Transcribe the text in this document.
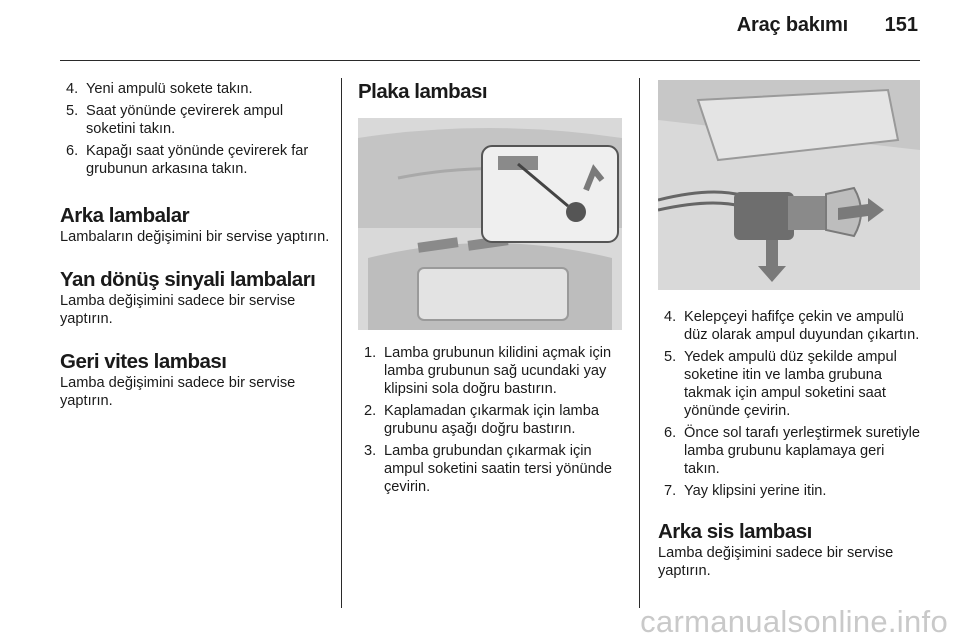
Araç bakımı 151
4. Yeni ampulü sokete takın.
5. Saat yönünde çevirerek ampul soketini takın.
6. Kapağı saat yönünde çevirerek far grubunun arkasına takın.
Arka lambalar

Lambaların değişimini bir servise yaptırın.

Yan dönüş sinyali lambaları

Lamba değişimini sadece bir servise yaptırın.

Geri vites lambası

Lamba değişimini sadece bir servise yaptırın.

Plaka lambası
1. Lamba grubunun kilidini açmak için lamba grubunun sağ ucundaki yay klipsini sola doğru bastırın.
2. Kaplamadan çıkarmak için lamba grubunu aşağı doğru bastırın.
3. Lamba grubundan çıkarmak için ampul soketini saatin tersi yönünde çevirin.
4. Kelepçeyi hafifçe çekin ve ampulü düz olarak ampul duyundan çıkartın.
5. Yedek ampulü düz şekilde ampul soketine itin ve lamba grubuna takmak için ampul soketini saat yönünde çevirin.
6. Önce sol tarafı yerleştirmek suretiyle lamba grubunu kaplamaya geri takın.
7. Yay klipsini yerine itin.
Arka sis lambası

Lamba değişimini sadece bir servise yaptırın.

carmanualsonline.info
